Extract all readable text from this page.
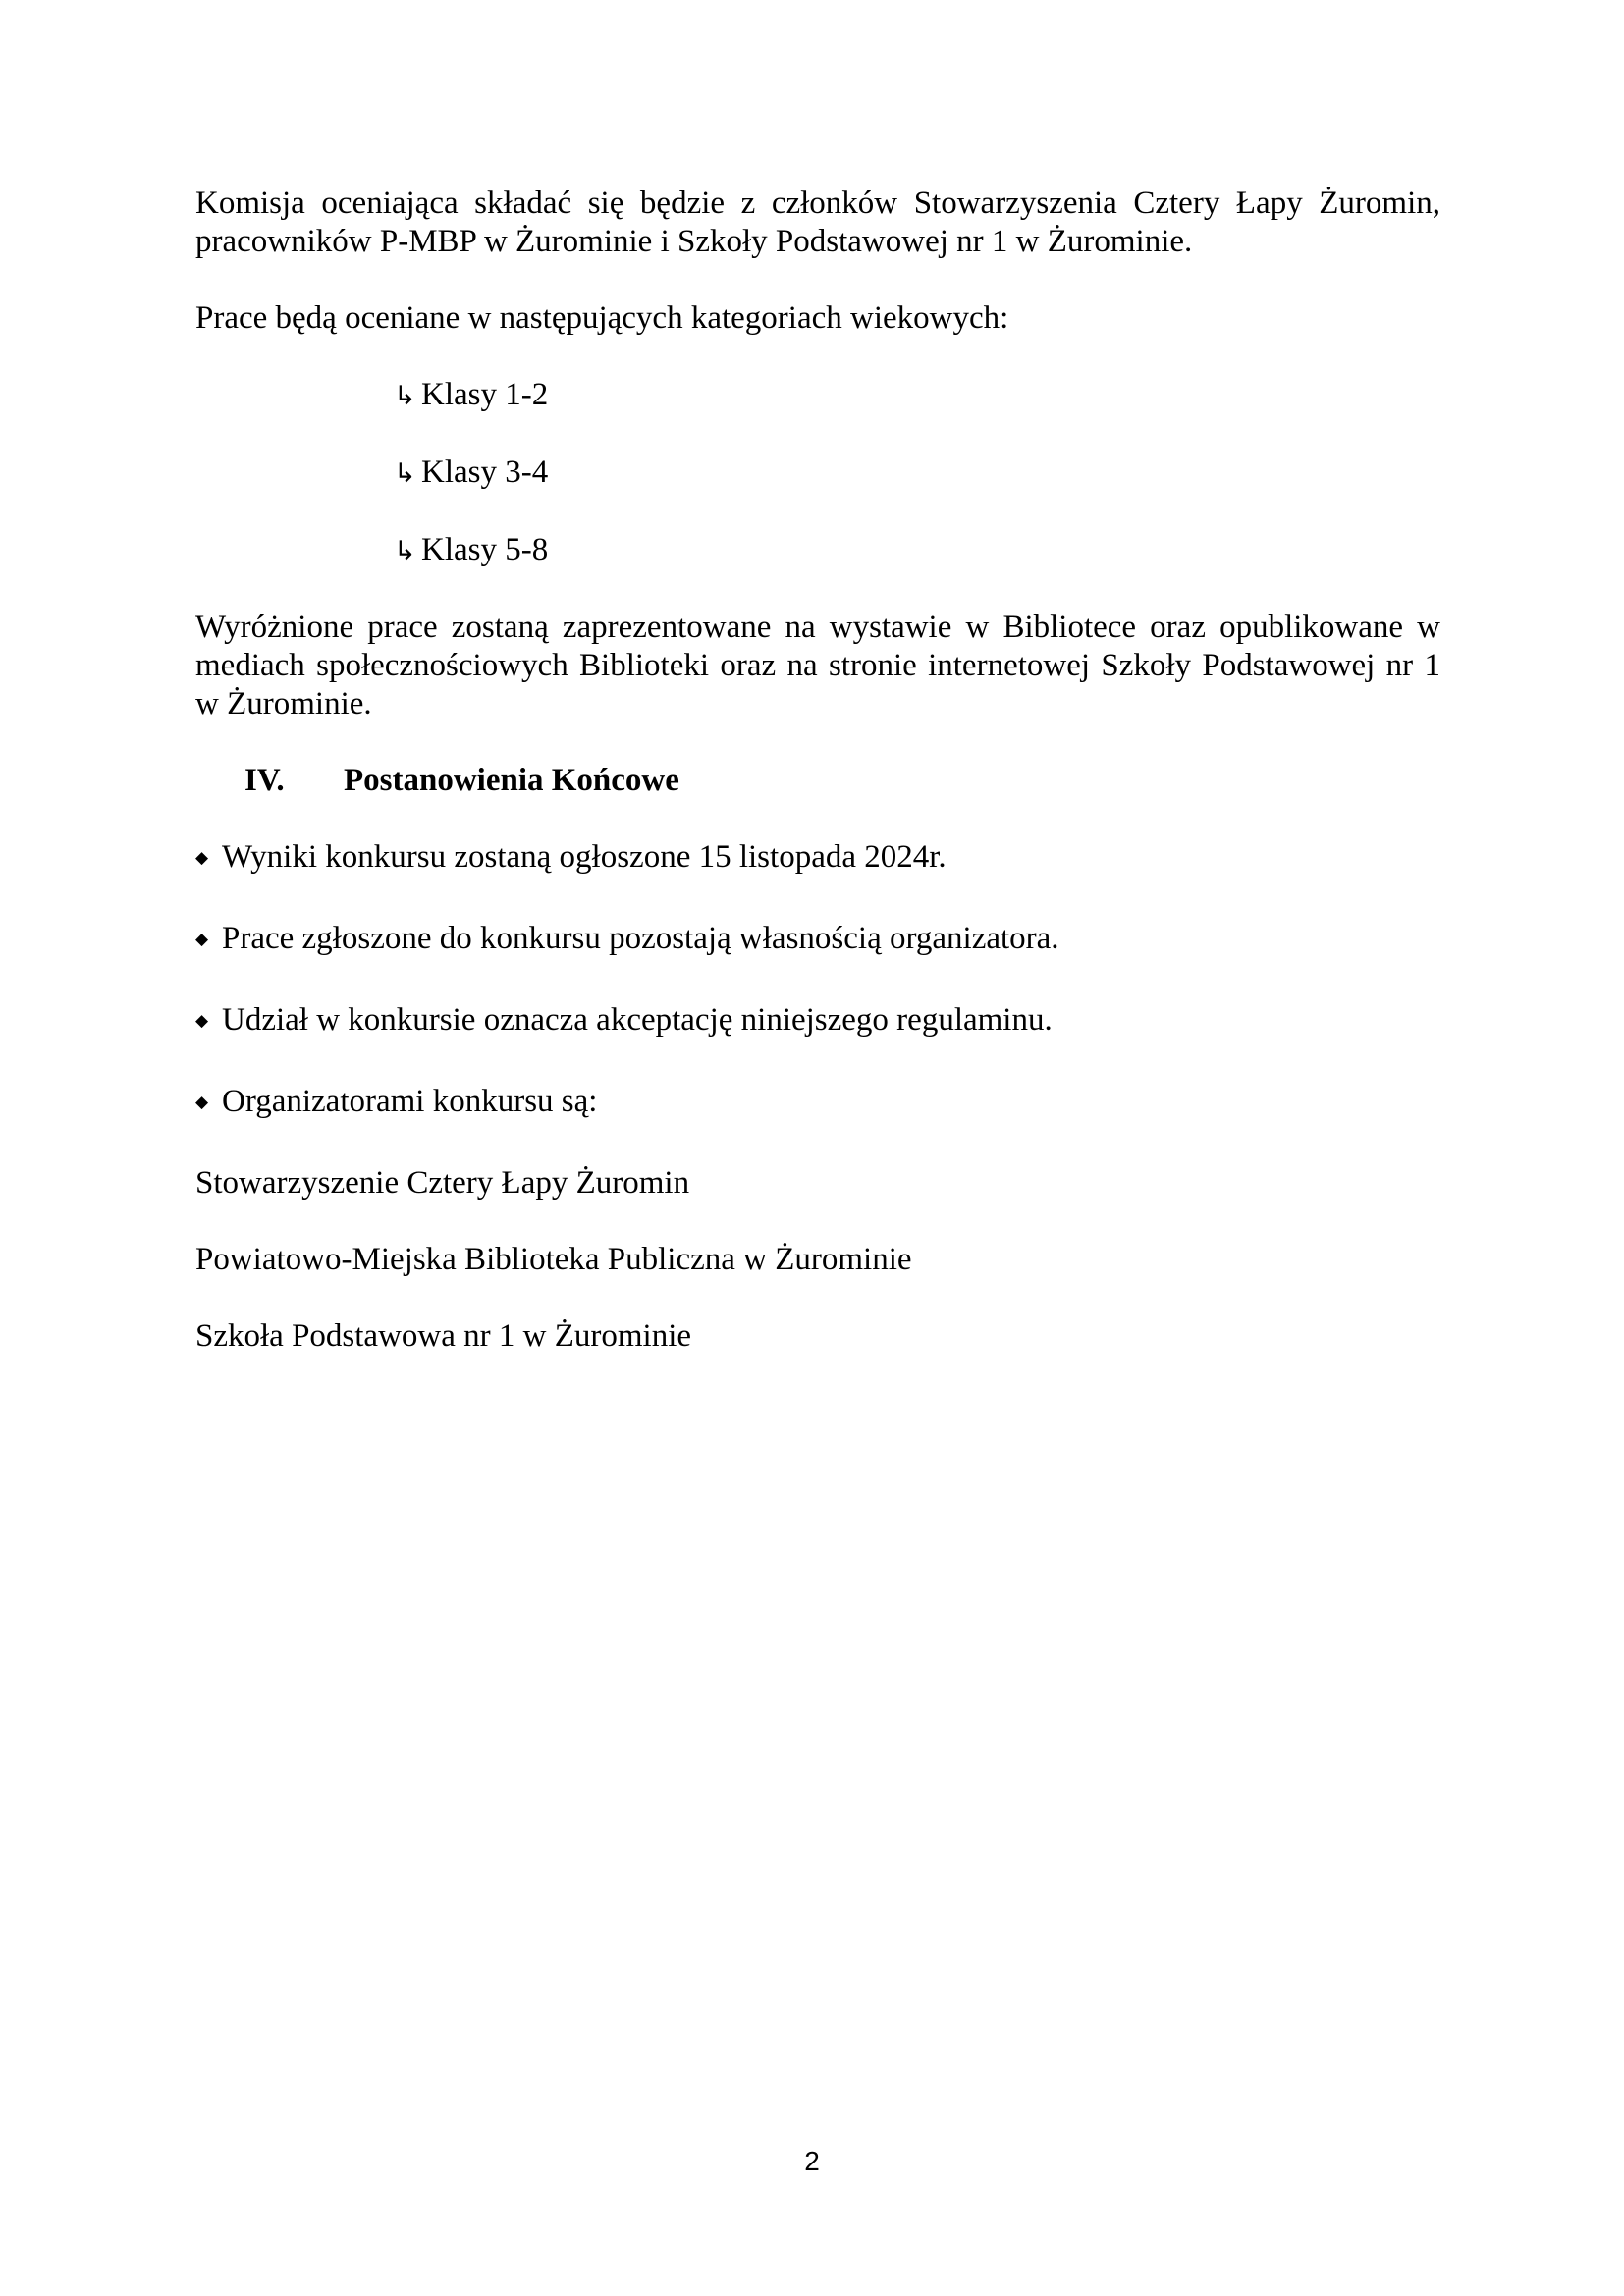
Komisja oceniająca składać się będzie z członków Stowarzyszenia Cztery Łapy Żuromin, pracowników P-MBP w Żurominie i Szkoły Podstawowej nr 1 w Żurominie.

Prace będą oceniane w następujących kategoriach wiekowych:

↳ Klasy 1-2
↳ Klasy 3-4
↳ Klasy 5-8

Wyróżnione prace zostaną zaprezentowane na wystawie w Bibliotece oraz opublikowane w mediach społecznościowych Biblioteki oraz na stronie internetowej Szkoły Podstawowej nr 1 w Żurominie.

IV.	Postanowienia Końcowe
◆ Wyniki konkursu zostaną ogłoszone 15 listopada 2024r.
◆ Prace zgłoszone do konkursu pozostają własnością organizatora.
◆ Udział w konkursie oznacza akceptację niniejszego regulaminu.
◆ Organizatorami konkursu są:

Stowarzyszenie Cztery Łapy Żuromin

Powiatowo-Miejska Biblioteka Publiczna w Żurominie

Szkoła Podstawowa nr 1 w Żurominie

2
